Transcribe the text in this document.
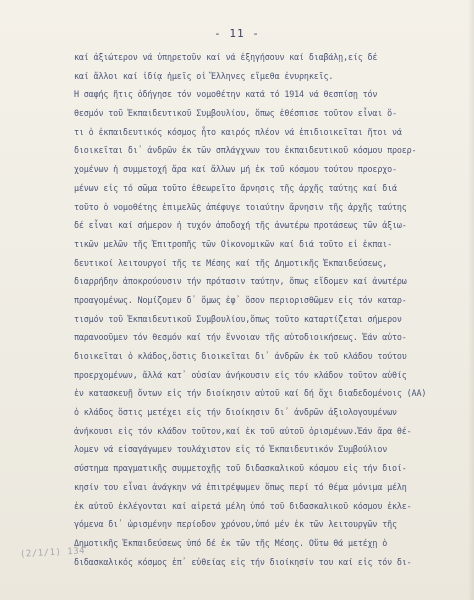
- 11 -
καί ἀξιώτερον νά ὑπηρετοῦν καί νά ἐξηγήσουν καί διαβάλῃ,είς δέ
καί ἄλλοι καί ἰδίᾳ ἡμεῖς οἱ Ἕλληνες εἴμεθα ἐνυρηκεῖς.
Ἡ σαφής ἤτις ὁδήγησε τόν νομοθέτην κατά τό 1914 νά θεσπίσῃ τόν
θεσμόν τοῦ Ἐκπαιδευτικοῦ Συμβουλίου, ὅπως ἐθέσπισε τοῦτον εἶναι ὅ-
τι ὁ ἐκπαιδευτικός κόσμος ἦτο καιρός πλέον νά ἐπιδιοικεῖται ἤτοι νά
διοικεῖται δι᾽ ἀνδρῶν ἐκ τῶν σπλάγχνων του ἐκπαιδευτικοῦ κόσμου προερ-
χομένων ἡ συμμετοχή ἄρα καί ἄλλων μή ἐκ τοῦ κόσμου τούτου προερχο-
μένων εἰς τό σῶμα τοῦτο ἐθεωρεῖτο ἄρνησις τῆς ἀρχῆς ταύτης καί διά
τοῦτο ὁ νομοθέτης ἐπιμελῶς ἀπέφυγε τοιαύτην ἄρνησιν τῆς ἀρχῆς ταύτης
δέ εἶναι καί σήμερον ἡ τυχόν ἀποδοχή τῆς ἀνωτέρω προτάσεως τῶν ἀξιω-
τικῶν μελῶν τῆς Ἐπιτροπῆς τῶν Οἰκονομικῶν καί διά τοῦτο εἰ ἐκπαι-
δευτικοί λειτουργοί τῆς τε Μέσης καί τῆς Δημοτικῆς Ἐκπαιδεύσεως,
διαρρήδην ἀποκρούουσιν τήν πρότασιν ταύτην, ὅπως εἴδομεν καί ἀνωτέρω
προαγομένως. Νομίζομεν δ᾽ ὅμως ἐφ᾽ ὅσον περιορισθῶμεν εἰς τόν καταρ-
τισμόν τοῦ Ἐκπαιδευτικοῦ Συμβουλίου,ὅπως τοῦτο καταρτίζεται σήμερον
παρανοοῦμεν τόν θεσμόν καί τήν ἔννοιαν τῆς αὐτοδιοικήσεως. Ἐάν αὐτο-
διοικεῖται ὁ κλάδος,ὅστις διοικεῖται δι᾽ ἀνδρῶν ἐκ τοῦ κλάδου τούτου
προερχομένων, ἄλλά κατ᾽ οὐσίαν ἀνήκουσιν εἰς τόν κλάδον τοῦτον αὐθίς
ἐν κατασκευῇ ὄντων εἰς τήν διοίκησιν αὐτοῦ καί δή ὄχι διαδεδομένοις (ΑΑ)
ὁ κλάδος ὅστις μετέχει εἰς τήν διοίκησιν δι᾽ ἀνδρῶν ἀξιολογουμένων
ἀνήκουσι εἰς τόν κλάδον τοῦτον,καί ἐκ τοῦ αὐτοῦ ὁρισμένων.Ἐάν ἄρα θέ-
λομεν νά εἰσαγάγωμεν τουλάχιστον εἰς τό Ἐκπαιδευτικόν Συμβούλιον
σύστημα πραγματικῆς συμμετοχῆς τοῦ διδασκαλικοῦ κόσμου εἰς τήν διοί-
κησίν του εἶναι ἀνάγκην νά ἐπιτρέψωμεν ὅπως περί τό θέμα μόνιμα μέλη
ἐκ αὐτοῦ ἐκλέγονται καί αἱρετά μέλη ὑπό τοῦ διδασκαλικοῦ κόσμου ἐκλε-
γόμενα δι᾽ ὡρισμένην περίοδον χρόνου,ὑπό μέν ἐκ τῶν λειτουργῶν τῆς
Δημοτικῆς Ἐκπαιδεύσεως ὑπό δέ ἐκ τῶν τῆς Μέσης. Οὕτω θά μετέχῃ ὁ
διδασκαλικός κόσμος ἐπ᾽ εὐθείας εἰς τήν διοίκησίν του καί εἰς τόν δι-
(2/1/1) 134
